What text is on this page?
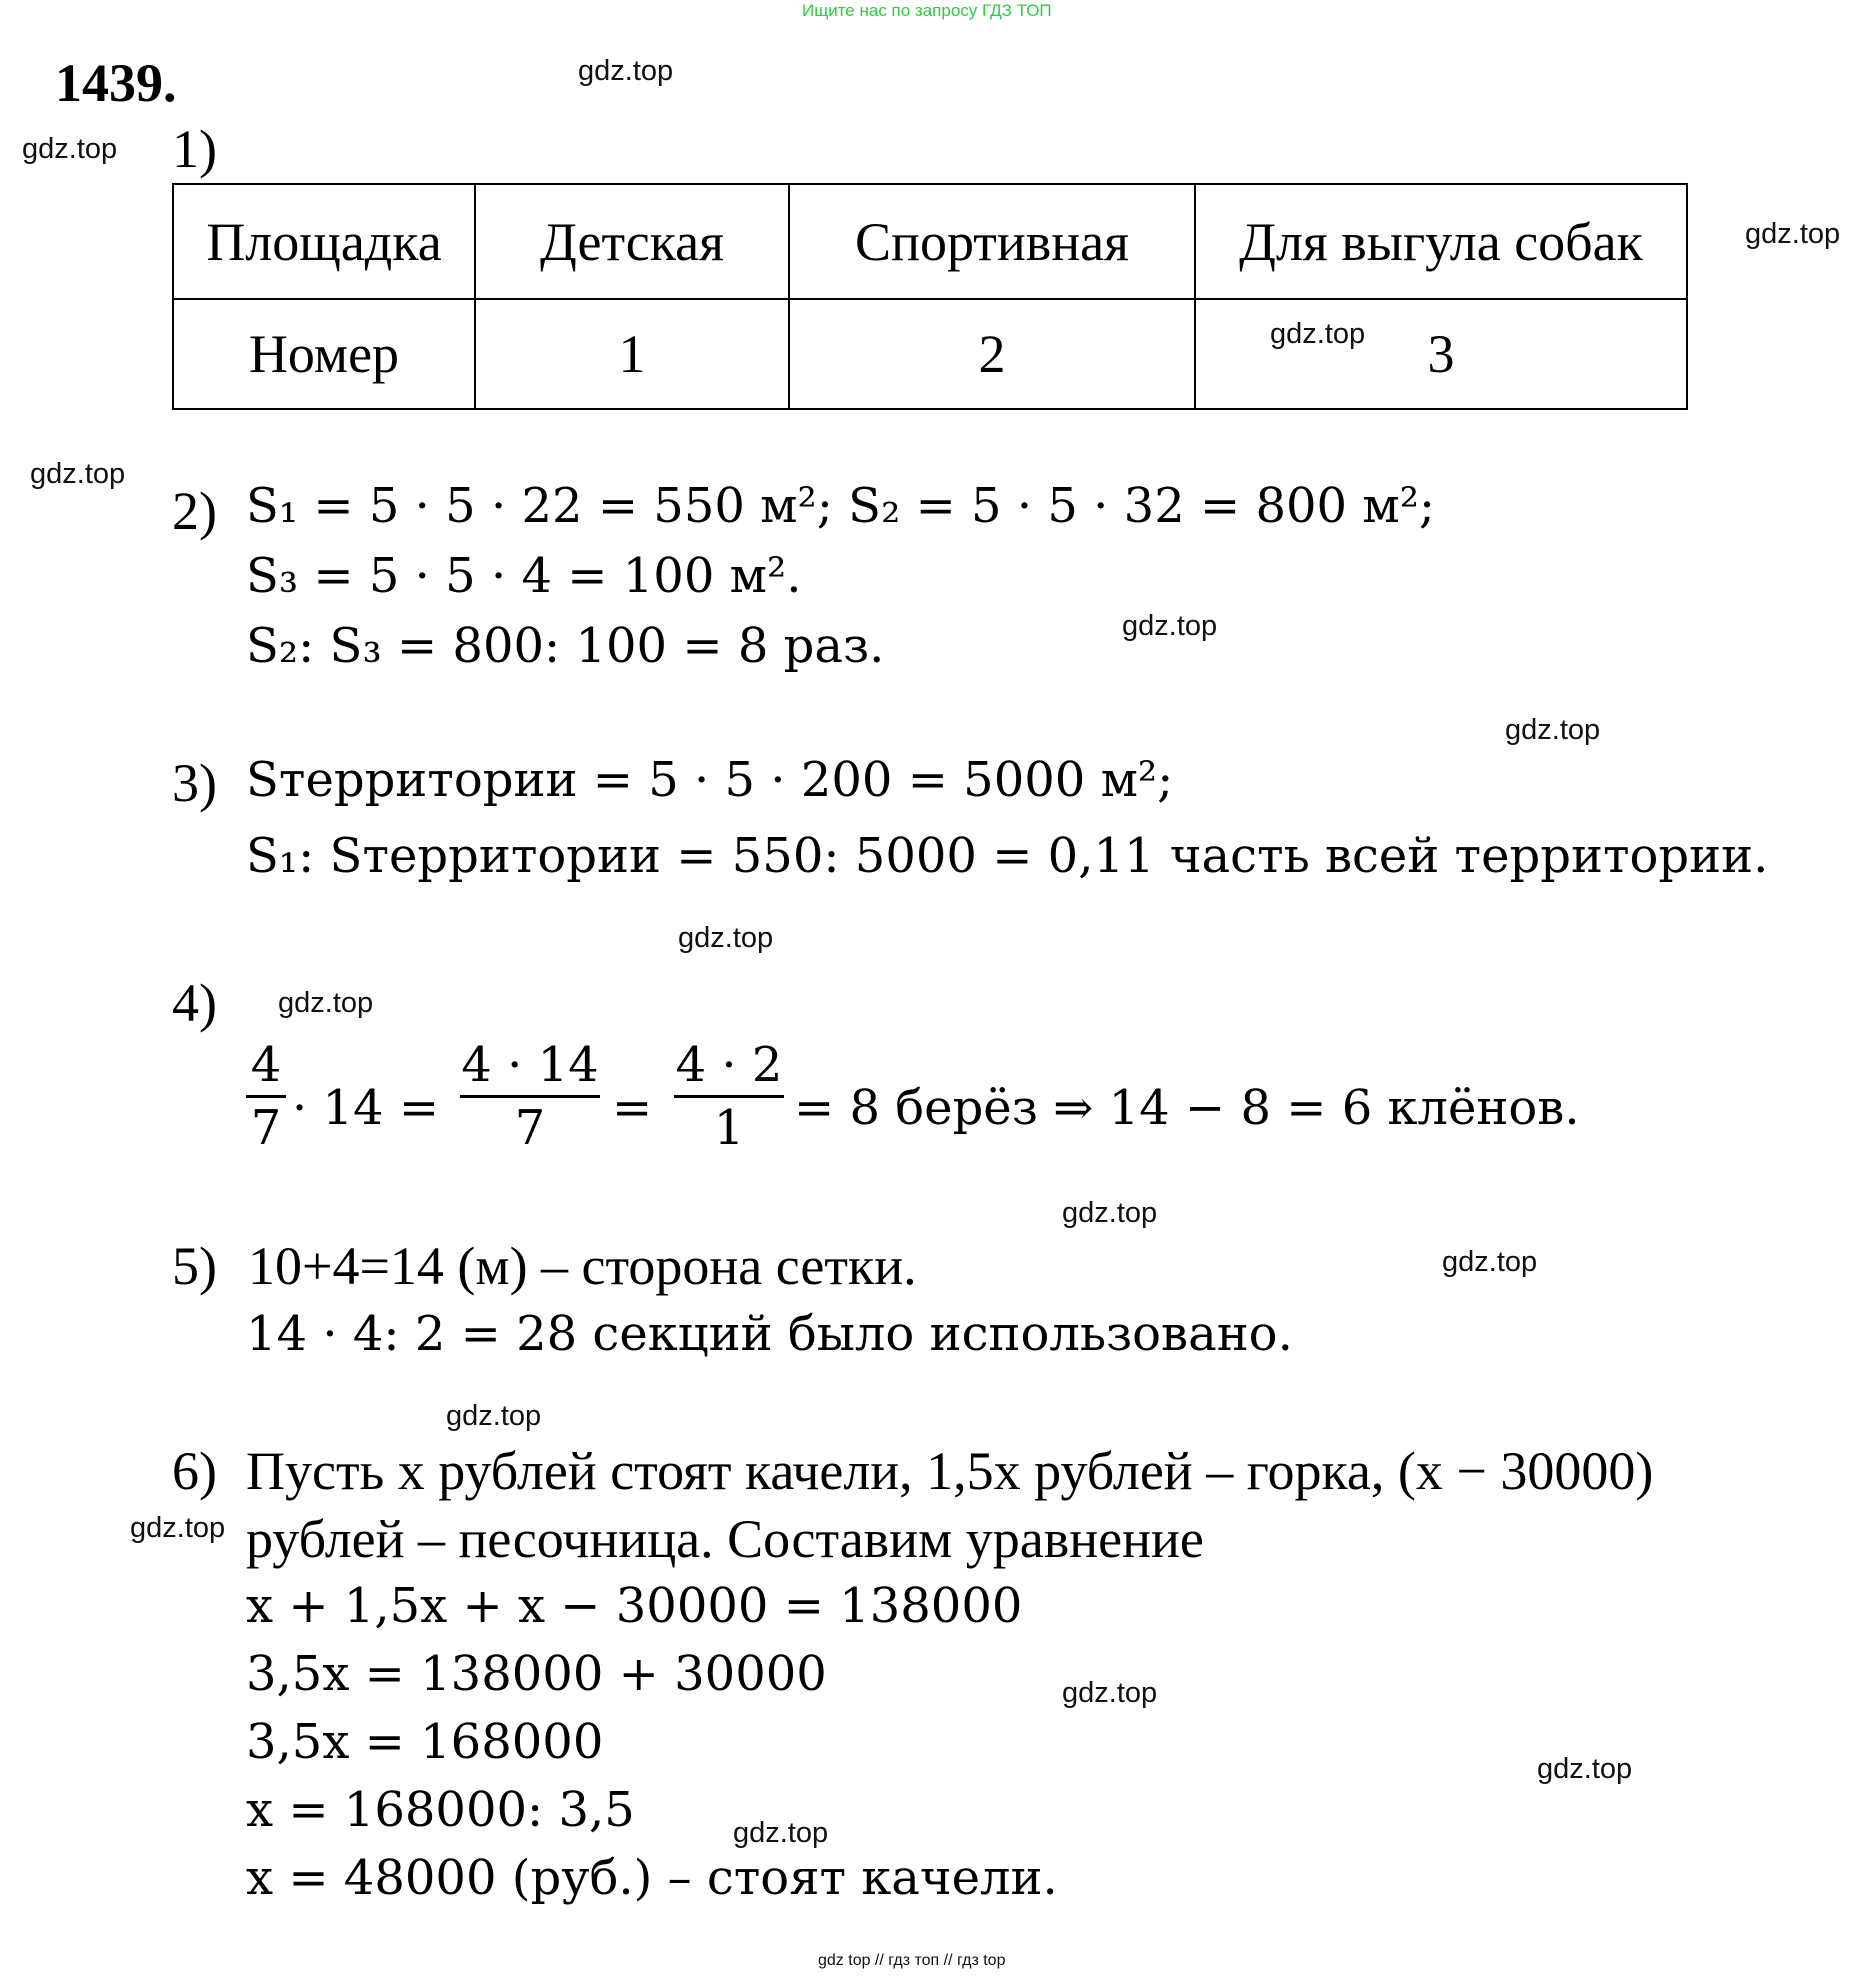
Ищите нас по запросу ГДЗ ТОП
1439.
1)
Площадка	Детская	Спортивная	Для выгула собак
Номер	1	2	3
2) S₁ = 5 · 5 · 22 = 550 м²; S₂ = 5 · 5 · 32 = 800 м²;
S₃ = 5 · 5 · 4 = 100 м².
S₂: S₃ = 800: 100 = 8 раз.
3) Sтерритории = 5 · 5 · 200 = 5000 м²;
S₁: Sтерритории = 550: 5000 = 0,11 часть всей территории.
4)
4
7 · 14 =
4 · 14
7	=
4 · 2
1	= 8 берёз ⇒ 14 − 8 = 6 клёнов.
5) 10+4=14 (м) – сторона сетки.
14 · 4: 2 = 28 секций было использовано.
6) Пусть x рублей стоят качели, 1,5x рублей – горка, (x − 30000)
рублей – песочница. Составим уравнение
x + 1,5x + x − 30000 = 138000
3,5x = 138000 + 30000
3,5x = 168000
x = 168000: 3,5
x = 48000 (руб.) – стоят качели.
gdz.top
gdz.top
gdz.top
gdz.top
gdz.top
gdz.top
gdz.top
gdz.top
gdz.top
gdz.top
gdz.top
gdz.top
gdz.top
gdz.top
gdz.top
gdz.top
gdz top // гдз топ // гдз top
